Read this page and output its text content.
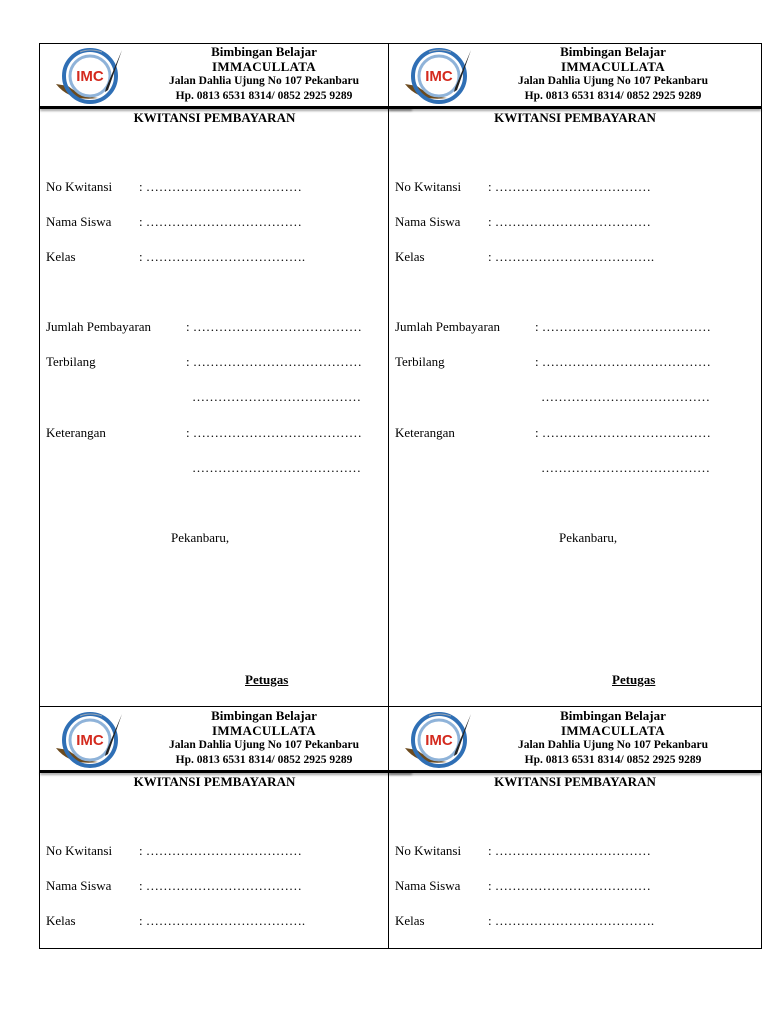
IMC
Bimbingan Belajar
IMMACULLATA
Jalan Dahlia Ujung No 107 Pekanbaru
Hp. 0813 6531 8314/ 0852 2925 9289
KWITANSI PEMBAYARAN
No Kwitansi : ………………………………
Nama Siswa : ………………………………
Kelas	: ……………………………….
Jumlah Pembayaran	: …………………………………
Terbilang	: …………………………………
…………………………………
Keterangan	: …………………………………
…………………………………
Pekanbaru,
Petugas
IMC
Bimbingan Belajar
IMMACULLATA
Jalan Dahlia Ujung No 107 Pekanbaru
Hp. 0813 6531 8314/ 0852 2925 9289
KWITANSI PEMBAYARAN
No Kwitansi : ………………………………
Nama Siswa : ………………………………
Kelas	: ……………………………….
Jumlah Pembayaran	: …………………………………
Terbilang	: …………………………………
…………………………………
Keterangan	: …………………………………
…………………………………
Pekanbaru,
Petugas
IMC
Bimbingan Belajar
IMMACULLATA
Jalan Dahlia Ujung No 107 Pekanbaru
Hp. 0813 6531 8314/ 0852 2925 9289
KWITANSI PEMBAYARAN
No Kwitansi : ………………………………
Nama Siswa : ………………………………
Kelas	: ……………………………….
IMC
Bimbingan Belajar
IMMACULLATA
Jalan Dahlia Ujung No 107 Pekanbaru
Hp. 0813 6531 8314/ 0852 2925 9289
KWITANSI PEMBAYARAN
No Kwitansi : ………………………………
Nama Siswa : ………………………………
Kelas	: ……………………………….
